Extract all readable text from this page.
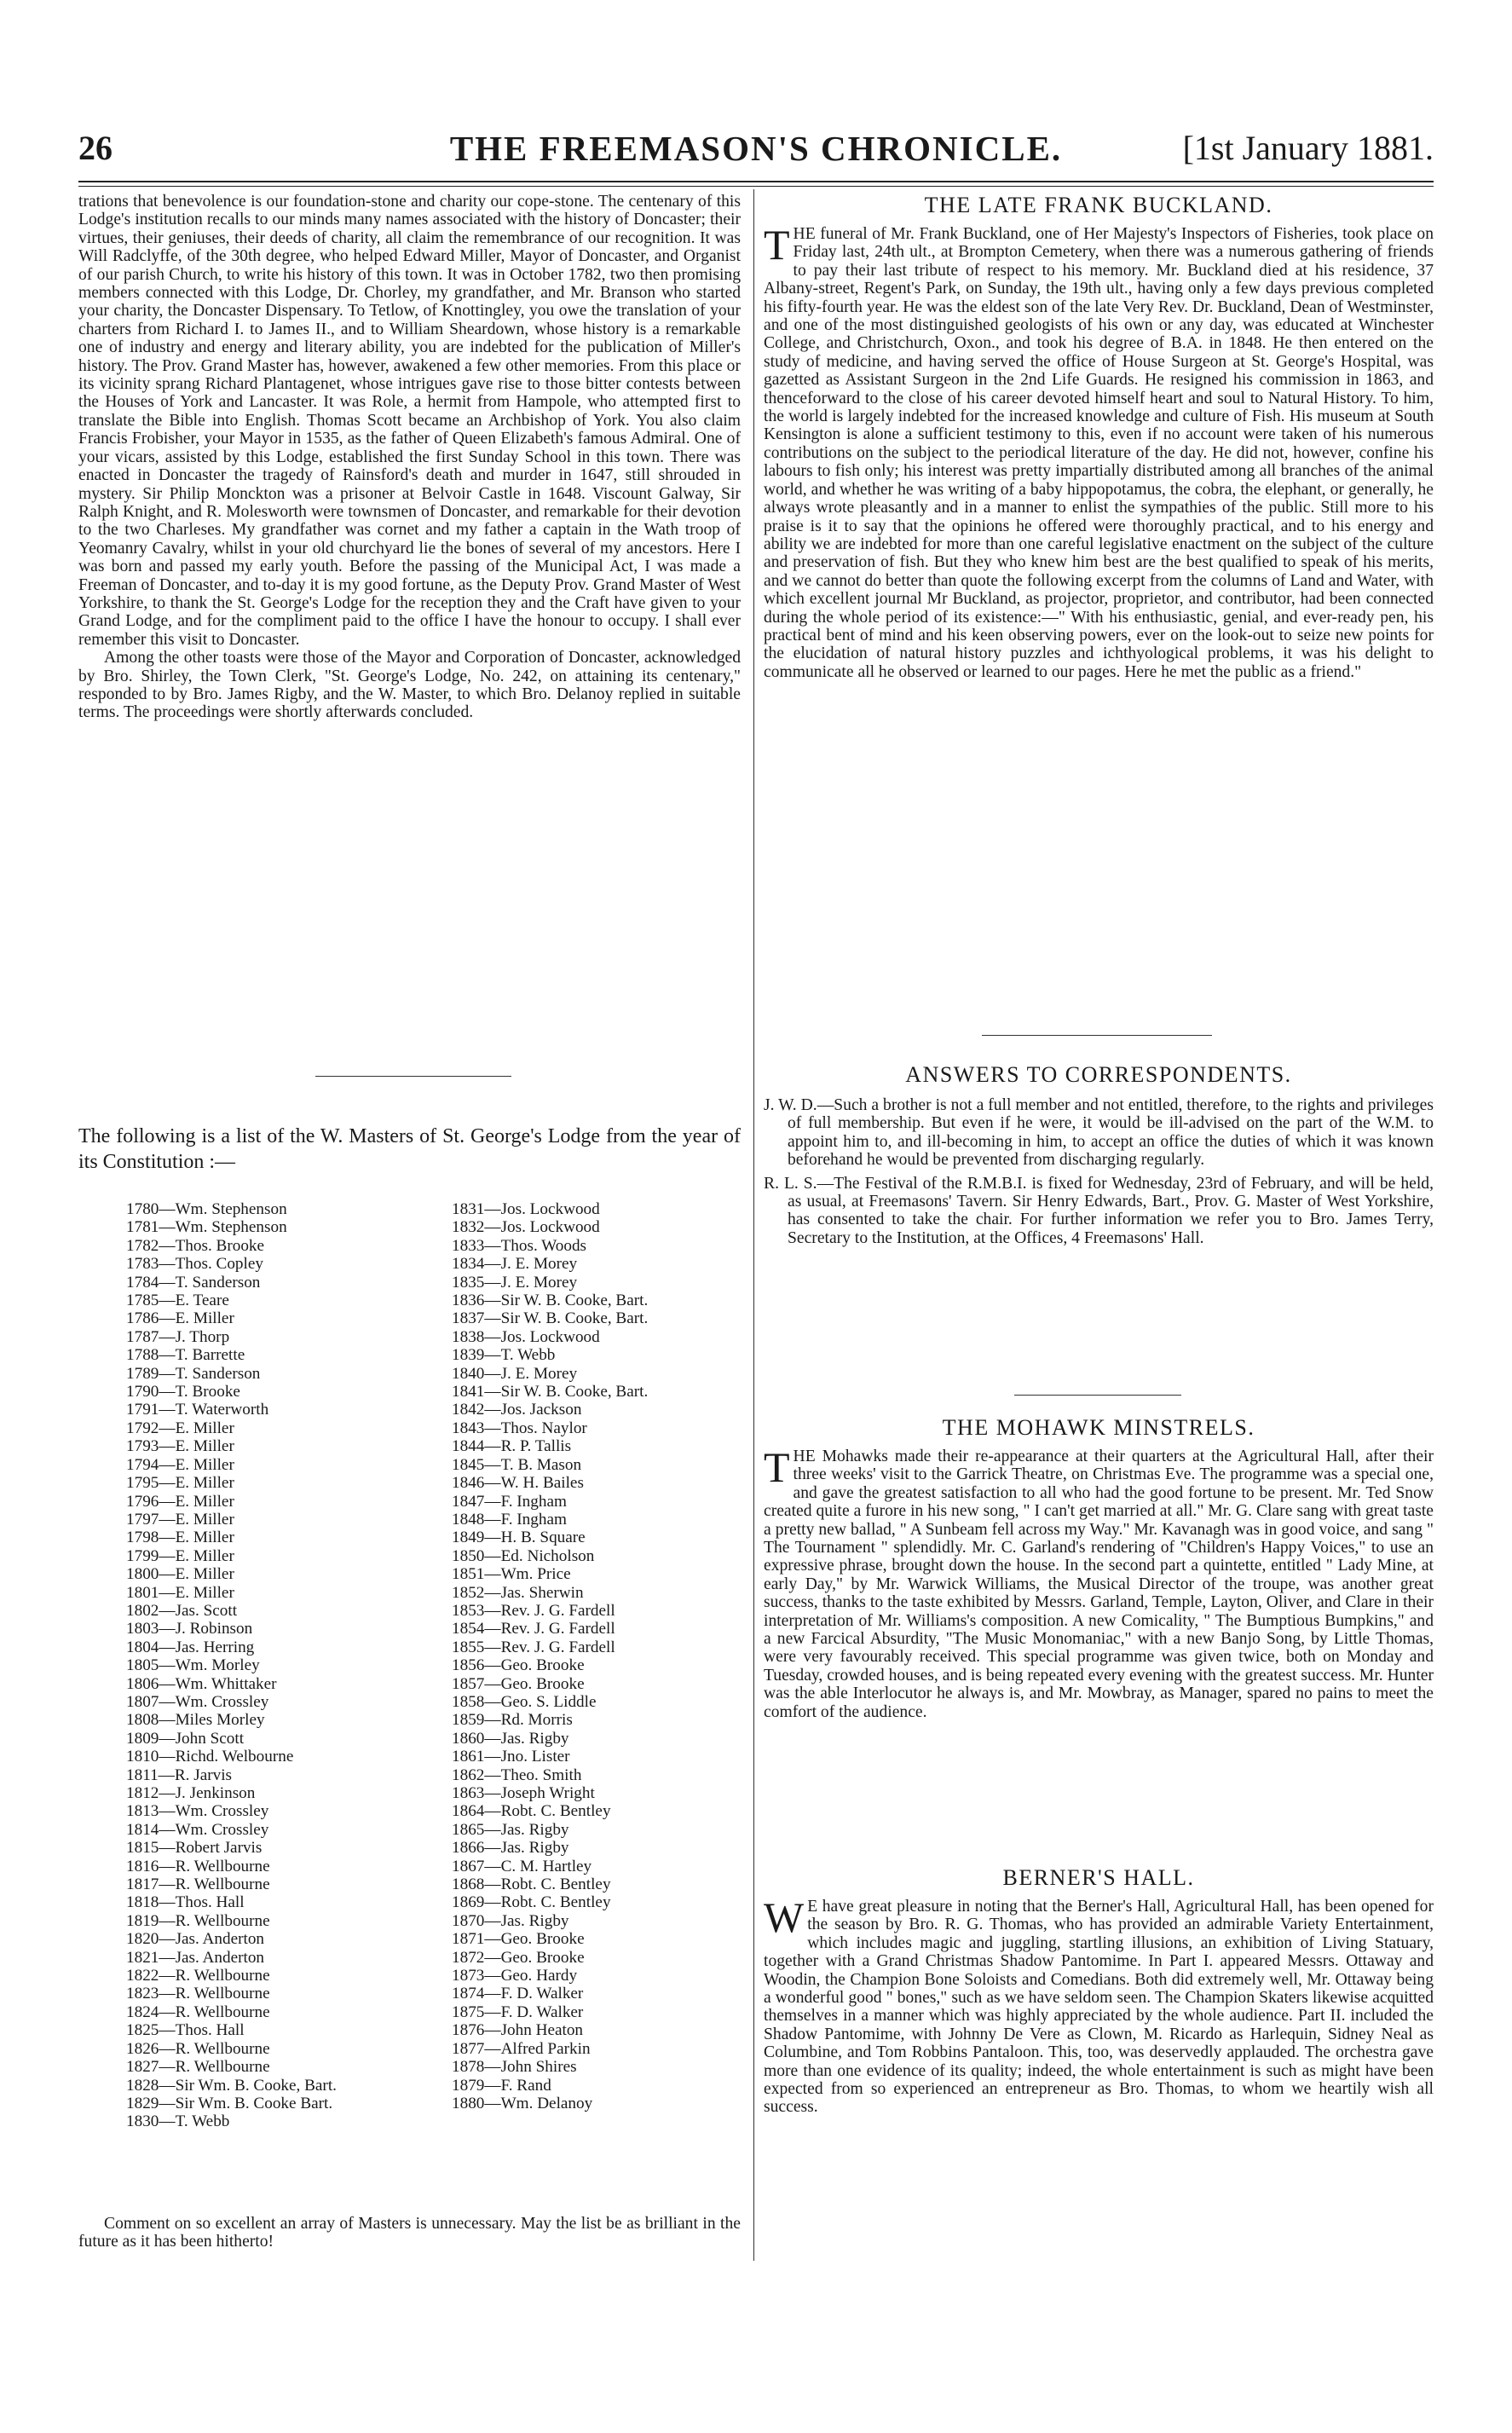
26	THE FREEMASON'S CHRONICLE.	[1st January 1881.

trations that benevolence is our foundation-stone and charity our cope-stone. The centenary of this Lodge's institution recalls to our minds many names associated with the history of Doncaster; their virtues, their geniuses, their deeds of charity, all claim the remembrance of our recognition. It was Will Radclyffe, of the 30th degree, who helped Edward Miller, Mayor of Doncaster, and Organist of our parish Church, to write his history of this town. It was in October 1782, two then promising members connected with this Lodge, Dr. Chorley, my grandfather, and Mr. Branson who started your charity, the Doncaster Dispensary. To Tetlow, of Knottingley, you owe the translation of your charters from Richard I. to James II., and to William Sheardown, whose history is a remarkable one of industry and energy and literary ability, you are indebted for the publication of Miller's history. The Prov. Grand Master has, however, awakened a few other memories. From this place or its vicinity sprang Richard Plantagenet, whose intrigues gave rise to those bitter contests between the Houses of York and Lancaster. It was Role, a hermit from Hampole, who attempted first to translate the Bible into English. Thomas Scott became an Archbishop of York. You also claim Francis Frobisher, your Mayor in 1535, as the father of Queen Elizabeth's famous Admiral. One of your vicars, assisted by this Lodge, established the first Sunday School in this town. There was enacted in Doncaster the tragedy of Rainsford's death and murder in 1647, still shrouded in mystery. Sir Philip Monckton was a prisoner at Belvoir Castle in 1648. Viscount Galway, Sir Ralph Knight, and R. Molesworth were townsmen of Doncaster, and remarkable for their devotion to the two Charleses. My grandfather was cornet and my father a captain in the Wath troop of Yeomanry Cavalry, whilst in your old churchyard lie the bones of several of my ancestors. Here I was born and passed my early youth. Before the passing of the Municipal Act, I was made a Freeman of Doncaster, and to-day it is my good fortune, as the Deputy Prov. Grand Master of West Yorkshire, to thank the St. George's Lodge for the reception they and the Craft have given to your Grand Lodge, and for the compliment paid to the office I have the honour to occupy. I shall ever remember this visit to Doncaster.

Among the other toasts were those of the Mayor and Corporation of Doncaster, acknowledged by Bro. Shirley, the Town Clerk, "St. George's Lodge, No. 242, on attaining its centenary," responded to by Bro. James Rigby, and the W. Master, to which Bro. Delanoy replied in suitable terms. The proceedings were shortly afterwards concluded.

The following is a list of the W. Masters of St. George's Lodge from the year of its Constitution :—

1780—Wm. Stephenson
1781—Wm. Stephenson
1782—Thos. Brooke
1783—Thos. Copley
1784—T. Sanderson
1785—E. Teare
1786—E. Miller
1787—J. Thorp
1788—T. Barrette
1789—T. Sanderson
1790—T. Brooke
1791—T. Waterworth
1792—E. Miller
1793—E. Miller
1794—E. Miller
1795—E. Miller
1796—E. Miller
1797—E. Miller
1798—E. Miller
1799—E. Miller
1800—E. Miller
1801—E. Miller
1802—Jas. Scott
1803—J. Robinson
1804—Jas. Herring
1805—Wm. Morley
1806—Wm. Whittaker
1807—Wm. Crossley
1808—Miles Morley
1809—John Scott
1810—Richd. Welbourne
1811—R. Jarvis
1812—J. Jenkinson
1813—Wm. Crossley
1814—Wm. Crossley
1815—Robert Jarvis
1816—R. Wellbourne
1817—R. Wellbourne
1818—Thos. Hall
1819—R. Wellbourne
1820—Jas. Anderton
1821—Jas. Anderton
1822—R. Wellbourne
1823—R. Wellbourne
1824—R. Wellbourne
1825—Thos. Hall
1826—R. Wellbourne
1827—R. Wellbourne
1828—Sir Wm. B. Cooke, Bart.
1829—Sir Wm. B. Cooke Bart.
1830—T. Webb
1831—Jos. Lockwood
1832—Jos. Lockwood
1833—Thos. Woods
1834—J. E. Morey
1835—J. E. Morey
1836—Sir W. B. Cooke, Bart.
1837—Sir W. B. Cooke, Bart.
1838—Jos. Lockwood
1839—T. Webb
1840—J. E. Morey
1841—Sir W. B. Cooke, Bart.
1842—Jos. Jackson
1843—Thos. Naylor
1844—R. P. Tallis
1845—T. B. Mason
1846—W. H. Bailes
1847—F. Ingham
1848—F. Ingham
1849—H. B. Square
1850—Ed. Nicholson
1851—Wm. Price
1852—Jas. Sherwin
1853—Rev. J. G. Fardell
1854—Rev. J. G. Fardell
1855—Rev. J. G. Fardell
1856—Geo. Brooke
1857—Geo. Brooke
1858—Geo. S. Liddle
1859—Rd. Morris
1860—Jas. Rigby
1861—Jno. Lister
1862—Theo. Smith
1863—Joseph Wright
1864—Robt. C. Bentley
1865—Jas. Rigby
1866—Jas. Rigby
1867—C. M. Hartley
1868—Robt. C. Bentley
1869—Robt. C. Bentley
1870—Jas. Rigby
1871—Geo. Brooke
1872—Geo. Brooke
1873—Geo. Hardy
1874—F. D. Walker
1875—F. D. Walker
1876—John Heaton
1877—Alfred Parkin
1878—John Shires
1879—F. Rand
1880—Wm. Delanoy

Comment on so excellent an array of Masters is unnecessary. May the list be as brilliant in the future as it has been hitherto!

THE LATE FRANK BUCKLAND.

THE funeral of Mr. Frank Buckland, one of Her Majesty's Inspectors of Fisheries, took place on Friday last, 24th ult., at Brompton Cemetery, when there was a numerous gathering of friends to pay their last tribute of respect to his memory. Mr. Buckland died at his residence, 37 Albany-street, Regent's Park, on Sunday, the 19th ult., having only a few days previous completed his fifty-fourth year. He was the eldest son of the late Very Rev. Dr. Buckland, Dean of Westminster, and one of the most distinguished geologists of his own or any day, was educated at Winchester College, and Christchurch, Oxon., and took his degree of B.A. in 1848. He then entered on the study of medicine, and having served the office of House Surgeon at St. George's Hospital, was gazetted as Assistant Surgeon in the 2nd Life Guards. He resigned his commission in 1863, and thenceforward to the close of his career devoted himself heart and soul to Natural History. To him, the world is largely indebted for the increased knowledge and culture of Fish. His museum at South Kensington is alone a sufficient testimony to this, even if no account were taken of his numerous contributions on the subject to the periodical literature of the day. He did not, however, confine his labours to fish only; his interest was pretty impartially distributed among all branches of the animal world, and whether he was writing of a baby hippopotamus, the cobra, the elephant, or generally, he always wrote pleasantly and in a manner to enlist the sympathies of the public. Still more to his praise is it to say that the opinions he offered were thoroughly practical, and to his energy and ability we are indebted for more than one careful legislative enactment on the subject of the culture and preservation of fish. But they who knew him best are the best qualified to speak of his merits, and we cannot do better than quote the following excerpt from the columns of Land and Water, with which excellent journal Mr Buckland, as projector, proprietor, and contributor, had been connected during the whole period of its existence:—" With his enthusiastic, genial, and ever-ready pen, his practical bent of mind and his keen observing powers, ever on the look-out to seize new points for the elucidation of natural history puzzles and ichthyological problems, it was his delight to communicate all he observed or learned to our pages. Here he met the public as a friend."

ANSWERS TO CORRESPONDENTS.

J. W. D.—Such a brother is not a full member and not entitled, therefore, to the rights and privileges of full membership. But even if he were, it would be ill-advised on the part of the W.M. to appoint him to, and ill-becoming in him, to accept an office the duties of which it was known beforehand he would be prevented from discharging regularly.

R. L. S.—The Festival of the R.M.B.I. is fixed for Wednesday, 23rd of February, and will be held, as usual, at Freemasons' Tavern. Sir Henry Edwards, Bart., Prov. G. Master of West Yorkshire, has consented to take the chair. For further information we refer you to Bro. James Terry, Secretary to the Institution, at the Offices, 4 Freemasons' Hall.

THE MOHAWK MINSTRELS.

THE Mohawks made their re-appearance at their quarters at the Agricultural Hall, after their three weeks' visit to the Garrick Theatre, on Christmas Eve. The programme was a special one, and gave the greatest satisfaction to all who had the good fortune to be present. Mr. Ted Snow created quite a furore in his new song, " I can't get married at all." Mr. G. Clare sang with great taste a pretty new ballad, " A Sunbeam fell across my Way." Mr. Kavanagh was in good voice, and sang " The Tournament " splendidly. Mr. C. Garland's rendering of "Children's Happy Voices," to use an expressive phrase, brought down the house. In the second part a quintette, entitled " Lady Mine, at early Day," by Mr. Warwick Williams, the Musical Director of the troupe, was another great success, thanks to the taste exhibited by Messrs. Garland, Temple, Layton, Oliver, and Clare in their interpretation of Mr. Williams's composition. A new Comicality, " The Bumptious Bumpkins," and a new Farcical Absurdity, "The Music Monomaniac," with a new Banjo Song, by Little Thomas, were very favourably received. This special programme was given twice, both on Monday and Tuesday, crowded houses, and is being repeated every evening with the greatest success. Mr. Hunter was the able Interlocutor he always is, and Mr. Mowbray, as Manager, spared no pains to meet the comfort of the audience.

BERNER'S HALL.

W E have great pleasure in noting that the Berner's Hall, Agricultural Hall, has been opened for the season by Bro. R. G. Thomas, who has provided an admirable Variety Entertainment, which includes magic and juggling, startling illusions, an exhibition of Living Statuary, together with a Grand Christmas Shadow Pantomime. In Part I. appeared Messrs. Ottaway and Woodin, the Champion Bone Soloists and Comedians. Both did extremely well, Mr. Ottaway being a wonderful good " bones," such as we have seldom seen. The Champion Skaters likewise acquitted themselves in a manner which was highly appreciated by the whole audience. Part II. included the Shadow Pantomime, with Johnny De Vere as Clown, M. Ricardo as Harlequin, Sidney Neal as Columbine, and Tom Robbins Pantaloon. This, too, was deservedly applauded. The orchestra gave more than one evidence of its quality; indeed, the whole entertainment is such as might have been expected from so experienced an entrepreneur as Bro. Thomas, to whom we heartily wish all success.
